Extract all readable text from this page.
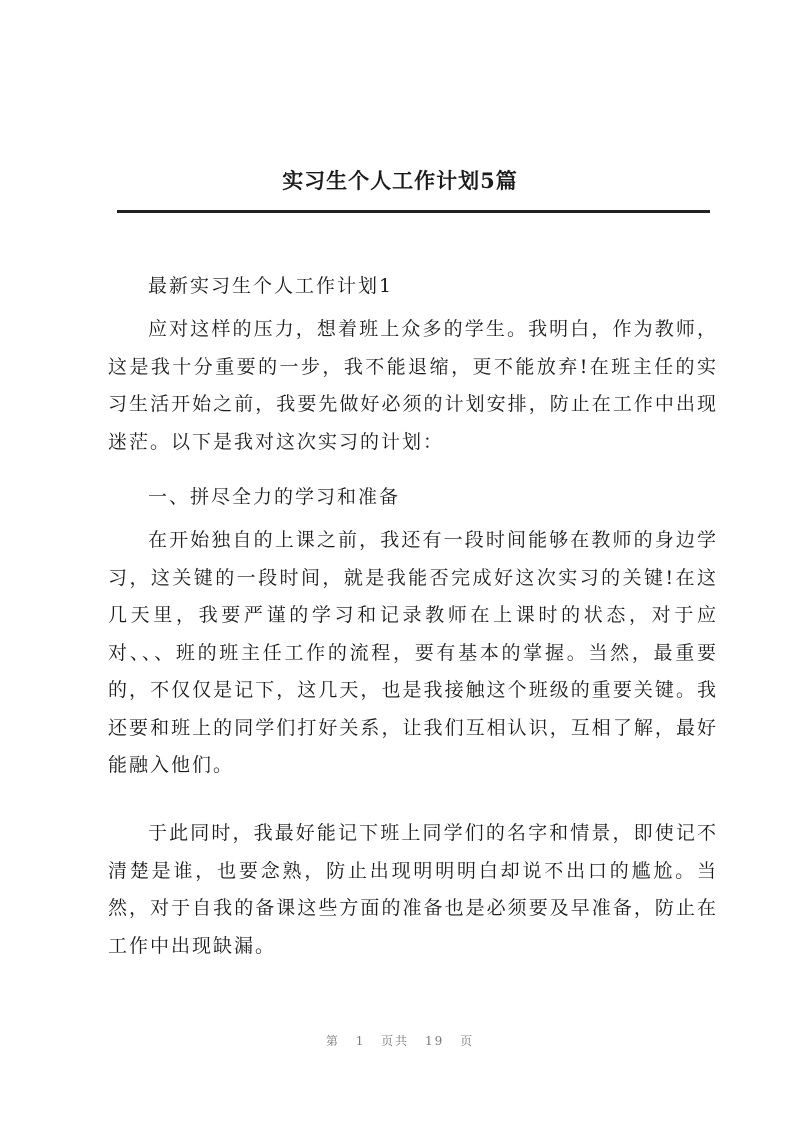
实习生个人工作计划5篇

最新实习生个人工作计划1

应对这样的压力，想着班上众多的学生。我明白，作为教师，这是我十分重要的一步，我不能退缩，更不能放弃!在班主任的实习生活开始之前，我要先做好必须的计划安排，防止在工作中出现迷茫。以下是我对这次实习的计划：

一、拼尽全力的学习和准备

在开始独自的上课之前，我还有一段时间能够在教师的身边学习，这关键的一段时间，就是我能否完成好这次实习的关键!在这几天里，我要严谨的学习和记录教师在上课时的状态，对于应对、、、班的班主任工作的流程，要有基本的掌握。当然，最重要的，不仅仅是记下，这几天，也是我接触这个班级的重要关键。我还要和班上的同学们打好关系，让我们互相认识，互相了解，最好能融入他们。

于此同时，我最好能记下班上同学们的名字和情景，即使记不清楚是谁，也要念熟，防止出现明明明白却说不出口的尴尬。当然，对于自我的备课这些方面的准备也是必须要及早准备，防止在工作中出现缺漏。

第 1 页共 19 页
